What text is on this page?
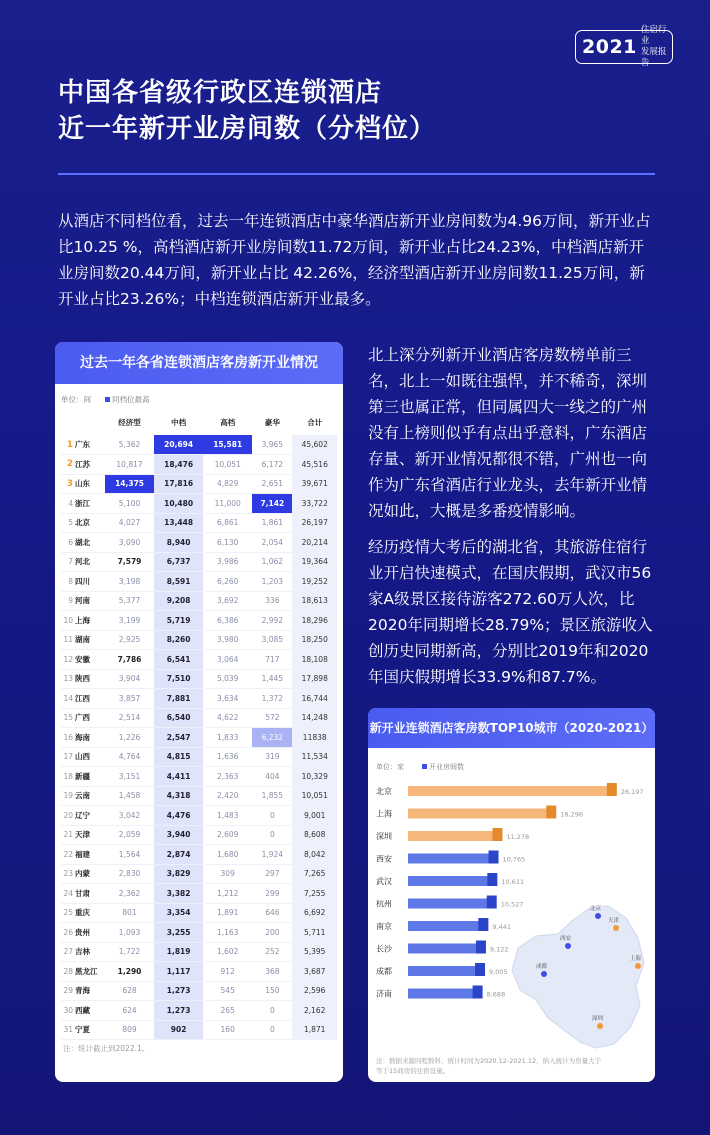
2021
住宿行业
发展报告
中国各省级行政区连锁酒店
近一年新开业房间数（分档位）

从酒店不同档位看，过去一年连锁酒店中豪华酒店新开业房间数为4.96万间，新开业占比10.25 %，高档酒店新开业房间数11.72万间，新开业占比24.23%，中档酒店新开业房间数20.44万间，新开业占比 42.26%，经济型酒店新开业房间数11.25万间，新开业占比23.26%；中档连锁酒店新开业最多。

北上深分列新开业酒店客房数榜单前三名，北上一如既往强悍，并不稀奇，深圳第三也属正常，但同属四大一线之的广州没有上榜则似乎有点出乎意料，广东酒店存量、新开业情况都很不错，广州也一向作为广东省酒店行业龙头，去年新开业情况如此，大概是多番疫情影响。

经历疫情大考后的湖北省，其旅游住宿行业开启快速模式，在国庆假期，武汉市56家A级景区接待游客272.60万人次，比2020年同期增长28.79%；景区旅游收入创历史同期新高，分别比2019年和2020年国庆假期增长33.9%和87.7%。

过去一年各省连锁酒店客房新开业情况
单位：间	同档位最高
		经济型	中档	高档	豪华	合计
1	广东	5,362	20,694	15,581	3,965	45,602
2	江苏	10,817	18,476	10,051	6,172	45,516
3	山东	14,375	17,816	4,829	2,651	39,671
4	浙江	5,100	10,480	11,000	7,142	33,722
5	北京	4,027	13,448	6,861	1,861	26,197
6	湖北	3,090	8,940	6,130	2,054	20,214
7	河北	7,579	6,737	3,986	1,062	19,364
8	四川	3,198	8,591	6,260	1,203	19,252
9	河南	5,377	9,208	3,692	336	18,613
10	上海	3,199	5,719	6,386	2,992	18,296
11	湖南	2,925	8,260	3,980	3,085	18,250
12	安徽	7,786	6,541	3,064	717	18,108
13	陕西	3,904	7,510	5,039	1,445	17,898
14	江西	3,857	7,881	3,634	1,372	16,744
15	广西	2,514	6,540	4,622	572	14,248
16	海南	1,226	2,547	1,833	6,232	11838
17	山西	4,764	4,815	1,636	319	11,534
18	新疆	3,151	4,411	2,363	404	10,329
19	云南	1,458	4,318	2,420	1,855	10,051
20	辽宁	3,042	4,476	1,483	0	9,001
21	天津	2,059	3,940	2,609	0	8,608
22	福建	1,564	2,874	1,680	1,924	8,042
23	内蒙	2,830	3,829	309	297	7,265
24	甘肃	2,362	3,382	1,212	299	7,255
25	重庆	801	3,354	1,891	646	6,692
26	贵州	1,093	3,255	1,163	200	5,711
27	吉林	1,722	1,819	1,602	252	5,395
28	黑龙江	1,290	1,117	912	368	3,687
29	青海	628	1,273	545	150	2,596
30	西藏	624	1,273	265	0	2,162
31	宁夏	809	902	160	0	1,871
注：统计截止到2022.1。
新开业连锁酒店客房数TOP10城市（2020-2021）
单位：家	开业房间数
北京	26,197
上海	18,296
深圳	11,278
西安	10,765
武汉	10,611
杭州	10,527
南京	9,441
长沙	9,122
成都	9,005
济南	8,688
北京
天津
西安
上海
成都
深圳
注：数据来源同程数科，统计时间为2020.12-2021.12，纳入统计为房量大于
等于15间房的住宿设施。
